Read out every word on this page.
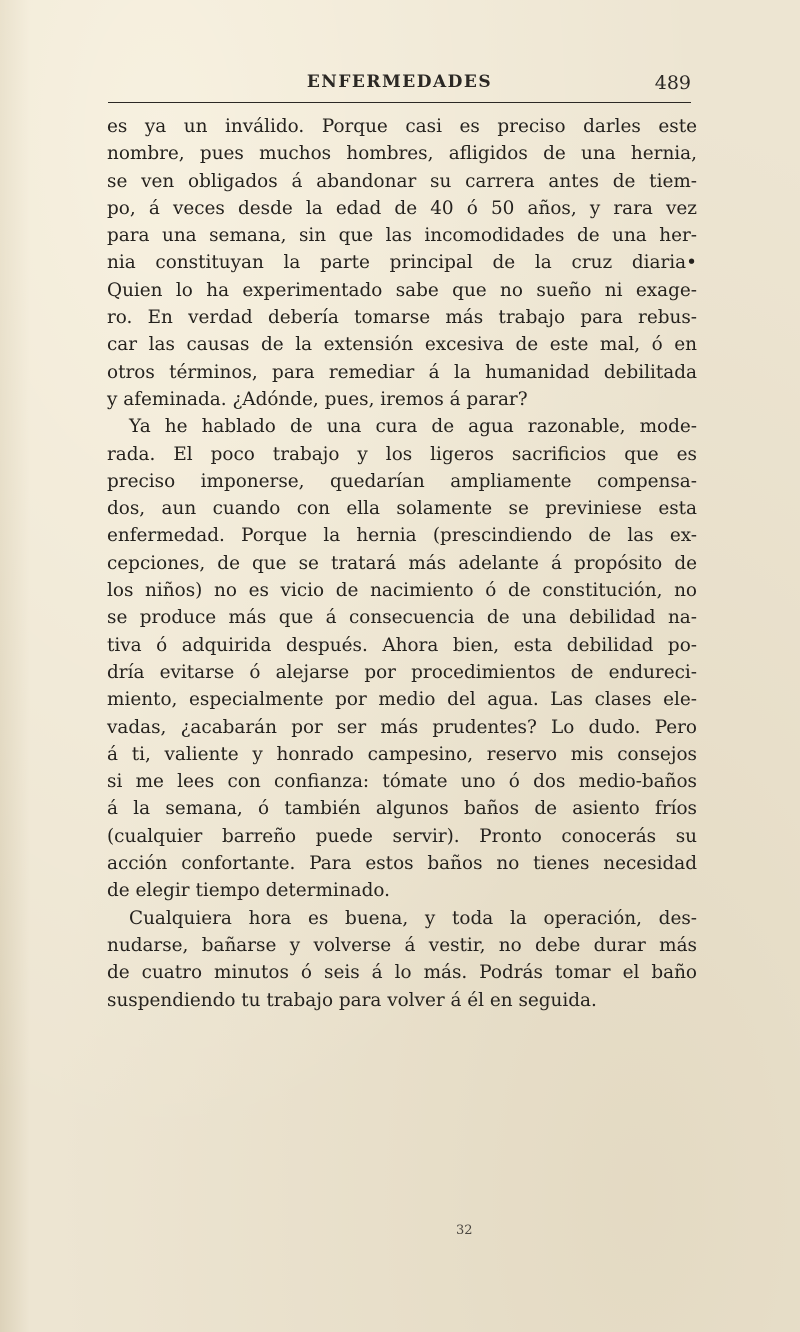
ENFERMEDADES	489
es ya un inválido. Porque casi es preciso darles este
nombre, pues muchos hombres, afligidos de una hernia,
se ven obligados á abandonar su carrera antes de tiem-
po, á veces desde la edad de 40 ó 50 años, y rara vez
para una semana, sin que las incomodidades de una her-
nia constituyan la parte principal de la cruz diaria•
Quien lo ha experimentado sabe que no sueño ni exage-
ro. En verdad debería tomarse más trabajo para rebus-
car las causas de la extensión excesiva de este mal, ó en
otros términos, para remediar á la humanidad debilitada
y afeminada. ¿Adónde, pues, iremos á parar?
Ya he hablado de una cura de agua razonable, mode-
rada. El poco trabajo y los ligeros sacrificios que es
preciso imponerse, quedarían ampliamente compensa-
dos, aun cuando con ella solamente se previniese esta
enfermedad. Porque la hernia (prescindiendo de las ex-
cepciones, de que se tratará más adelante á propósito de
los niños) no es vicio de nacimiento ó de constitución, no
se produce más que á consecuencia de una debilidad na-
tiva ó adquirida después. Ahora bien, esta debilidad po-
dría evitarse ó alejarse por procedimientos de endureci-
miento, especialmente por medio del agua. Las clases ele-
vadas, ¿acabarán por ser más prudentes? Lo dudo. Pero
á ti, valiente y honrado campesino, reservo mis consejos
si me lees con confianza: tómate uno ó dos medio-baños
á la semana, ó también algunos baños de asiento fríos
(cualquier barreño puede servir). Pronto conocerás su
acción confortante. Para estos baños no tienes necesidad
de elegir tiempo determinado.
Cualquiera hora es buena, y toda la operación, des-
nudarse, bañarse y volverse á vestir, no debe durar más
de cuatro minutos ó seis á lo más. Podrás tomar el baño
suspendiendo tu trabajo para volver á él en seguida.
32
